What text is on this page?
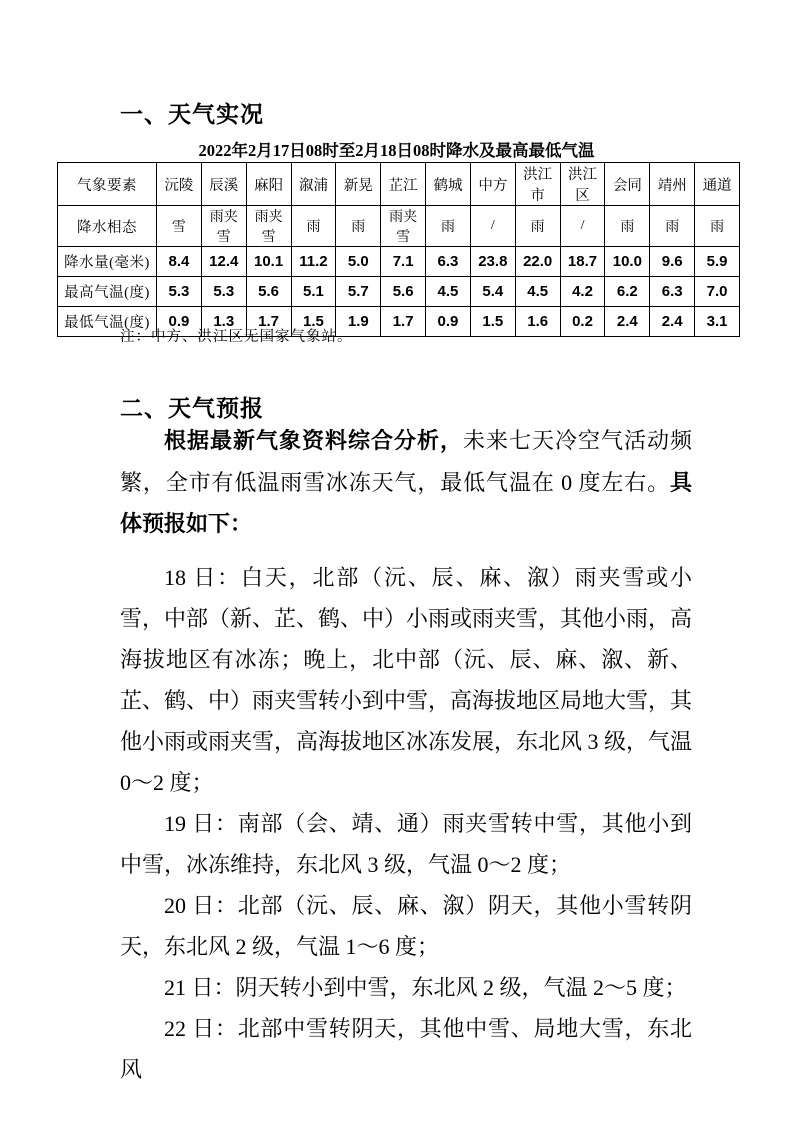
一、天气实况
2022年2月17日08时至2月18日08时降水及最高最低气温
气象要素	沅陵	辰溪	麻阳	溆浦	新晃	芷江	鹤城	中方	洪江市	洪江区	会同	靖州	通道
降水相态	雪	雨夹雪	雨夹雪	雨	雨	雨夹雪	雨	/	雨	/	雨	雨	雨
降水量(毫米)	8.4	12.4	10.1	11.2	5.0	7.1	6.3	23.8	22.0	18.7	10.0	9.6	5.9
最高气温(度)	5.3	5.3	5.6	5.1	5.7	5.6	4.5	5.4	4.5	4.2	6.2	6.3	7.0
最低气温(度)	0.9	1.3	1.7	1.5	1.9	1.7	0.9	1.5	1.6	0.2	2.4	2.4	3.1
注：中方、洪江区无国家气象站。
二、天气预报
根据最新气象资料综合分析，未来七天冷空气活动频繁，全市有低温雨雪冰冻天气，最低气温在 0 度左右。具体预报如下：

18 日：白天，北部（沅、辰、麻、溆）雨夹雪或小雪，中部（新、芷、鹤、中）小雨或雨夹雪，其他小雨，高海拔地区有冰冻；晚上，北中部（沅、辰、麻、溆、新、芷、鹤、中）雨夹雪转小到中雪，高海拔地区局地大雪，其他小雨或雨夹雪，高海拔地区冰冻发展，东北风 3 级，气温 0～2 度；

19 日：南部（会、靖、通）雨夹雪转中雪，其他小到中雪，冰冻维持，东北风 3 级，气温 0～2 度；

20 日：北部（沅、辰、麻、溆）阴天，其他小雪转阴天，东北风 2 级，气温 1～6 度；

21 日：阴天转小到中雪，东北风 2 级，气温 2～5 度；

22 日：北部中雪转阴天，其他中雪、局地大雪，东北风
